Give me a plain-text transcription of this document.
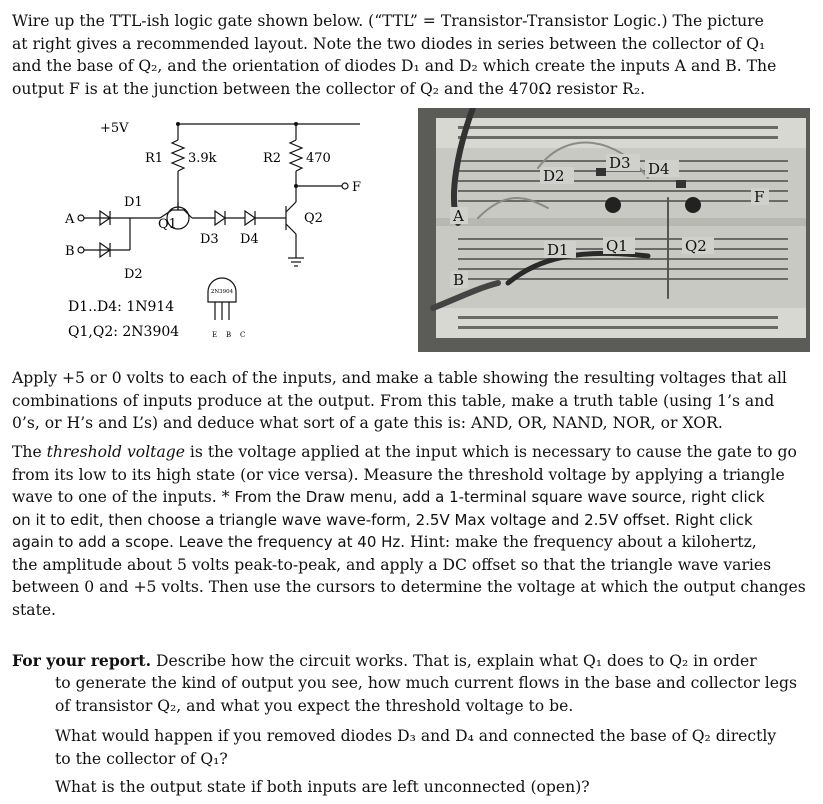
Wire up the TTL-ish logic gate shown below. (“TTL” = Transistor-Transistor Logic.) The picture
at right gives a recommended layout. Note the two diodes in series between the collector of Q₁
and the base of Q₂, and the orientation of diodes D₁ and D₂ which create the inputs A and B. The
output F is at the junction between the collector of Q₂ and the 470Ω resistor R₂.
+5V
R1 3.9k	R2 470
F
D1
Q1	Q2
D3 D4
A
B
D2
D1..D4: 1N914
Q1,Q2: 2N3904
2N3904
E B C
D2
D3 D4
F
A
B
D1 Q1	Q2
Apply +5 or 0 volts to each of the inputs, and make a table showing the resulting voltages that all
combinations of inputs produce at the output. From this table, make a truth table (using 1’s and
0’s, or H’s and L’s) and deduce what sort of a gate this is: AND, OR, NAND, NOR, or XOR.
The threshold voltage is the voltage applied at the input which is necessary to cause the gate to go
from its low to its high state (or vice versa). Measure the threshold voltage by applying a triangle
wave to one of the inputs. * From the Draw menu, add a 1-terminal square wave source, right click
on it to edit, then choose a triangle wave wave-form, 2.5V Max voltage and 2.5V offset. Right click
again to add a scope. Leave the frequency at 40 Hz. Hint: make the frequency about a kilohertz,
the amplitude about 5 volts peak-to-peak, and apply a DC offset so that the triangle wave varies
between 0 and +5 volts. Then use the cursors to determine the voltage at which the output changes
state.
For your report. Describe how the circuit works. That is, explain what Q₁ does to Q₂ in order
to generate the kind of output you see, how much current flows in the base and collector legs
of transistor Q₂, and what you expect the threshold voltage to be.
What would happen if you removed diodes D₃ and D₄ and connected the base of Q₂ directly
to the collector of Q₁?
What is the output state if both inputs are left unconnected (open)?
